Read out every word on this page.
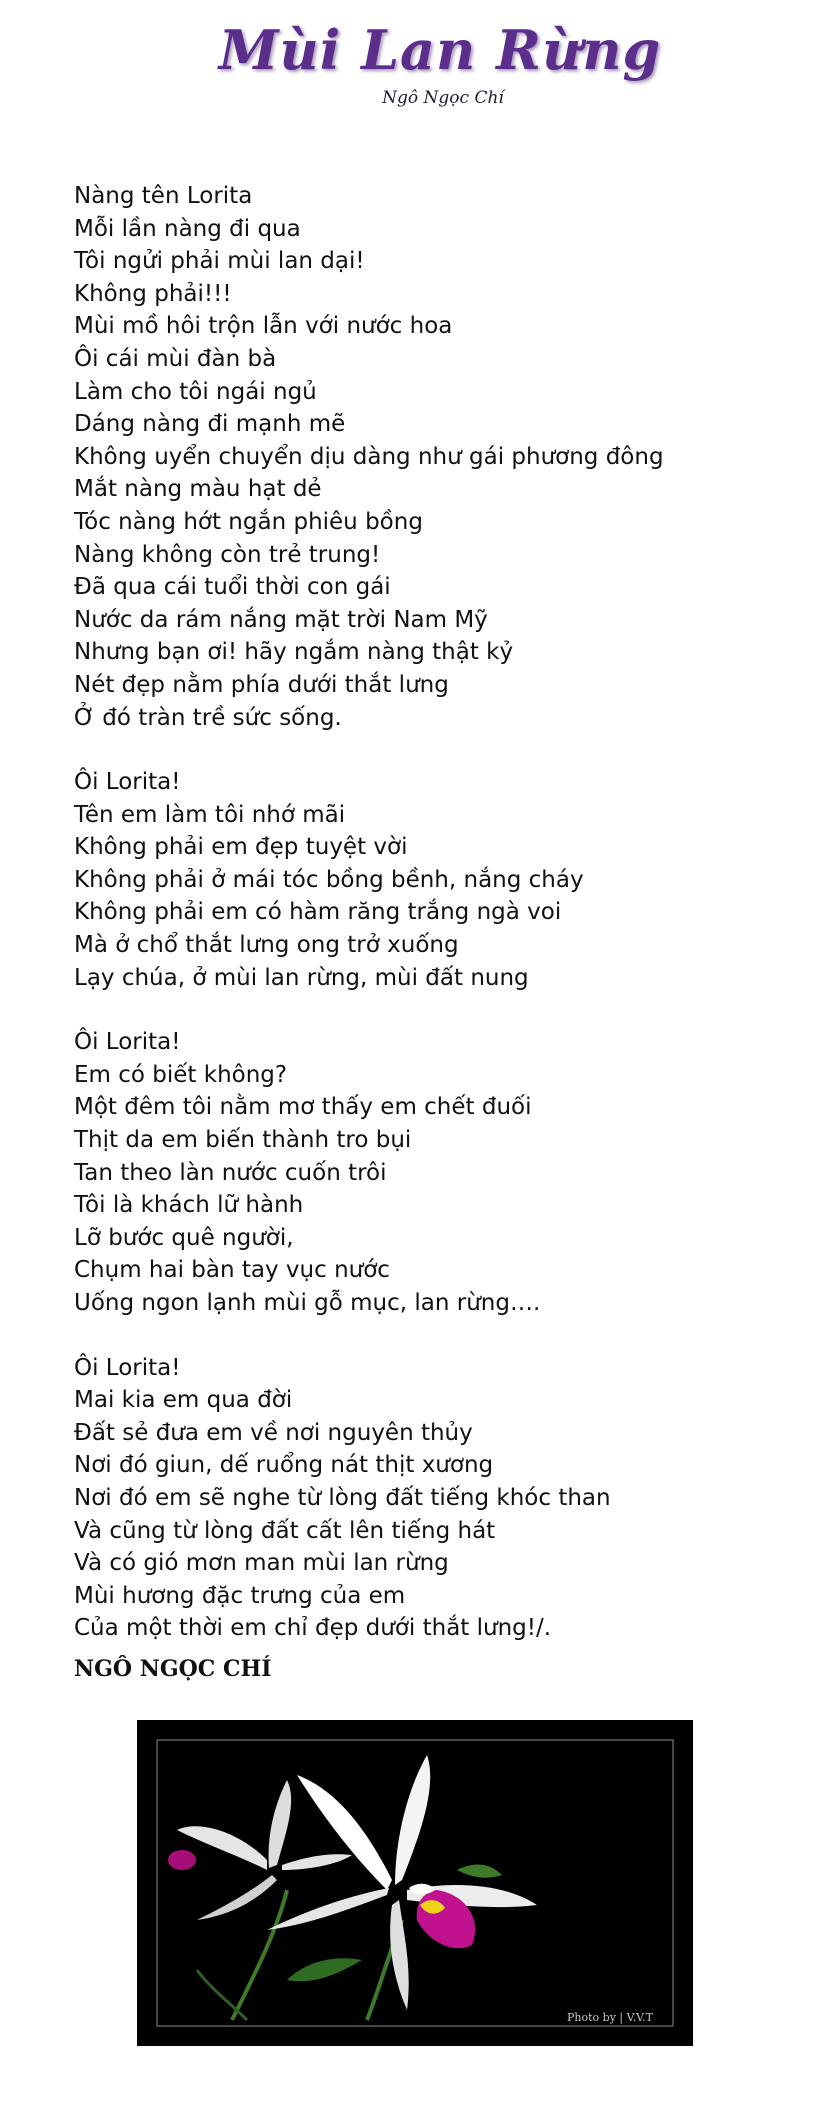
Mùi Lan Rừng
Ngô Ngọc Chí
Nàng tên Lorita
Mỗi lần nàng đi qua
Tôi ngửi phải mùi lan dại!
Không phải!!!
Mùi mồ hôi trộn lẫn với nước hoa
Ôi cái mùi đàn bà
Làm cho tôi ngái ngủ
Dáng nàng đi mạnh mẽ
Không uyển chuyển dịu dàng như gái phương đông
Mắt nàng màu hạt dẻ
Tóc nàng hớt ngắn phiêu bồng
Nàng không còn trẻ trung!
Đã qua cái tuổi thời con gái
Nước da rám nắng mặt trời Nam Mỹ
Nhưng bạn ơi! hãy ngắm nàng thật kỷ
Nét đẹp nằm phía dưới thắt lưng
Ở đó tràn trề sức sống.
Ôi Lorita!
Tên em làm tôi nhớ mãi
Không phải em đẹp tuyệt vời
Không phải ở mái tóc bồng bềnh, nắng cháy
Không phải em có hàm răng trắng ngà voi
Mà ở chổ thắt lưng ong trở xuống
Lạy chúa, ở mùi lan rừng, mùi đất nung
Ôi Lorita!
Em có biết không?
Một đêm tôi nằm mơ thấy em chết đuối
Thịt da em biến thành tro bụi
Tan theo làn nước cuốn trôi
Tôi là khách lữ hành
Lỡ bước quê người,
Chụm hai bàn tay vục nước
Uống ngon lạnh mùi gỗ mục, lan rừng….
Ôi Lorita!
Mai kia em qua đời
Đất sẻ đưa em về nơi nguyên thủy
Nơi đó giun, dế ruổng nát thịt xương
Nơi đó em sẽ nghe từ lòng đất tiếng khóc than
Và cũng từ lòng đất cất lên tiếng hát
Và có gió mơn man mùi lan rừng
Mùi hương đặc trưng của em
Của một thời em chỉ đẹp dưới thắt lưng!/.
NGÔ NGỌC CHÍ
Photo by | V.V.T
